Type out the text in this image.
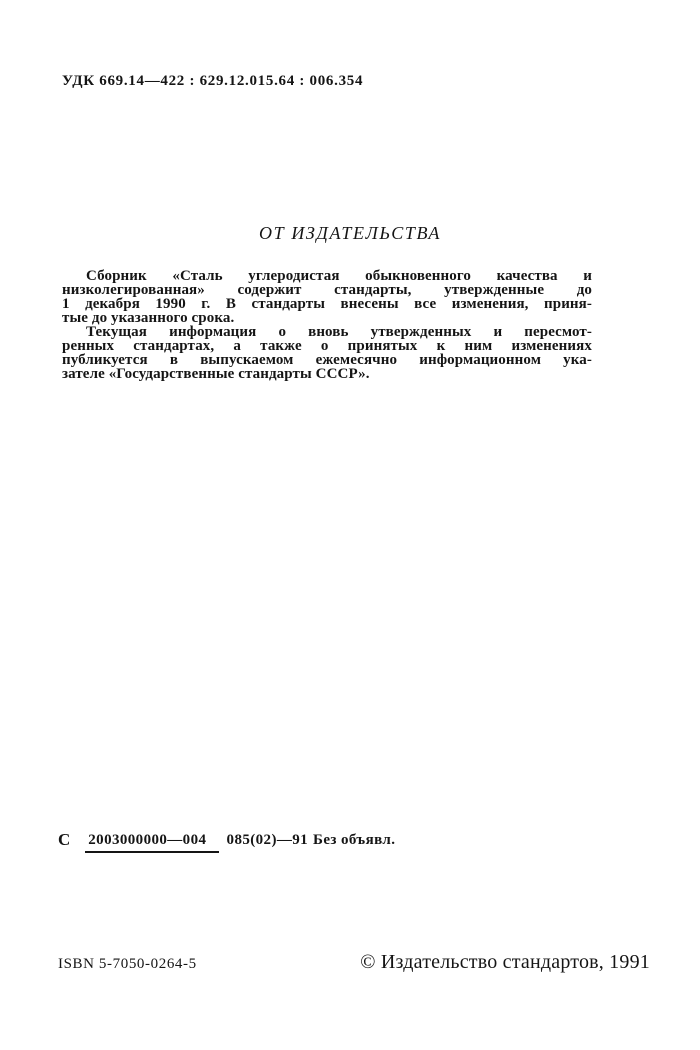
УДК 669.14—422 : 629.12.015.64 : 006.354
ОТ ИЗДАТЕЛЬСТВА
Сборник «Сталь углеродистая обыкновенного качества и
низколегированная» содержит стандарты, утвержденные до
1 декабря 1990 г. В стандарты внесены все изменения, приня-
тые до указанного срока.
Текущая информация о вновь утвержденных и пересмот-
ренных стандартах, а также о принятых к ним изменениях
публикуется в выпускаемом ежемесячно информационном ука-
зателе «Государственные стандарты СССР».
С 2003000000—004 085(02)—91 Без объявл.
ISBN 5-7050-0264-5	© Издательство стандартов, 1991
